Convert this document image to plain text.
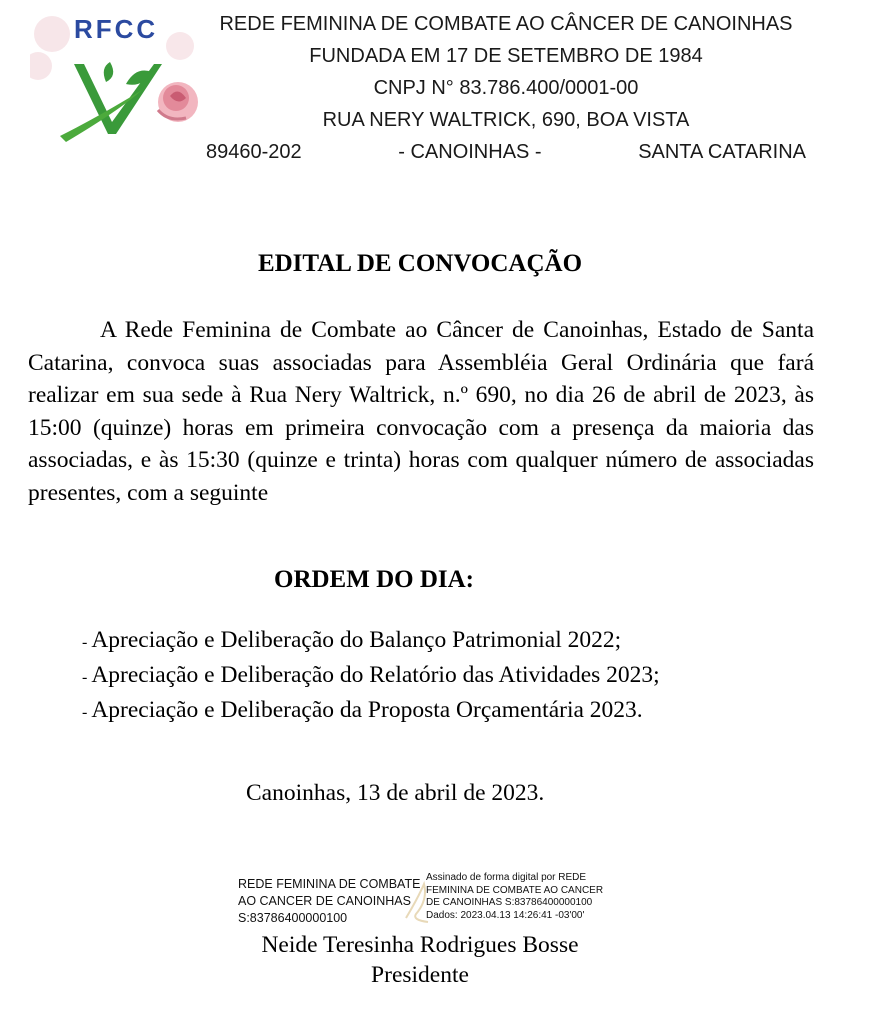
RFCC	REDE FEMININA DE COMBATE AO CÂNCER DE CANOINHAS
FUNDADA EM 17 DE SETEMBRO DE 1984
CNPJ N° 83.786.400/0001-00
RUA NERY WALTRICK, 690, BOA VISTA
89460-202	- CANOINHAS -	SANTA CATARINA
EDITAL DE CONVOCAÇÃO
A Rede Feminina de Combate ao Câncer de Canoinhas, Estado de Santa Catarina, convoca suas associadas para Assembléia Geral Ordinária que fará realizar em sua sede à Rua Nery Waltrick, n.º 690, no dia 26 de abril de 2023, às 15:00 (quinze) horas em primeira convocação com a presença da maioria das associadas, e às 15:30 (quinze e trinta) horas com qualquer número de associadas presentes, com a seguinte
ORDEM DO DIA:
- Apreciação e Deliberação do Balanço Patrimonial 2022;
- Apreciação e Deliberação do Relatório das Atividades 2023;
- Apreciação e Deliberação da Proposta Orçamentária 2023.
Canoinhas, 13 de abril de 2023.
REDE FEMININA DE COMBATE
AO CANCER DE CANOINHAS
S:83786400000100
Assinado de forma digital por REDE
FEMININA DE COMBATE AO CANCER
DE CANOINHAS S:83786400000100
Dados: 2023.04.13 14:26:41 -03'00'
Neide Teresinha Rodrigues Bosse
Presidente
